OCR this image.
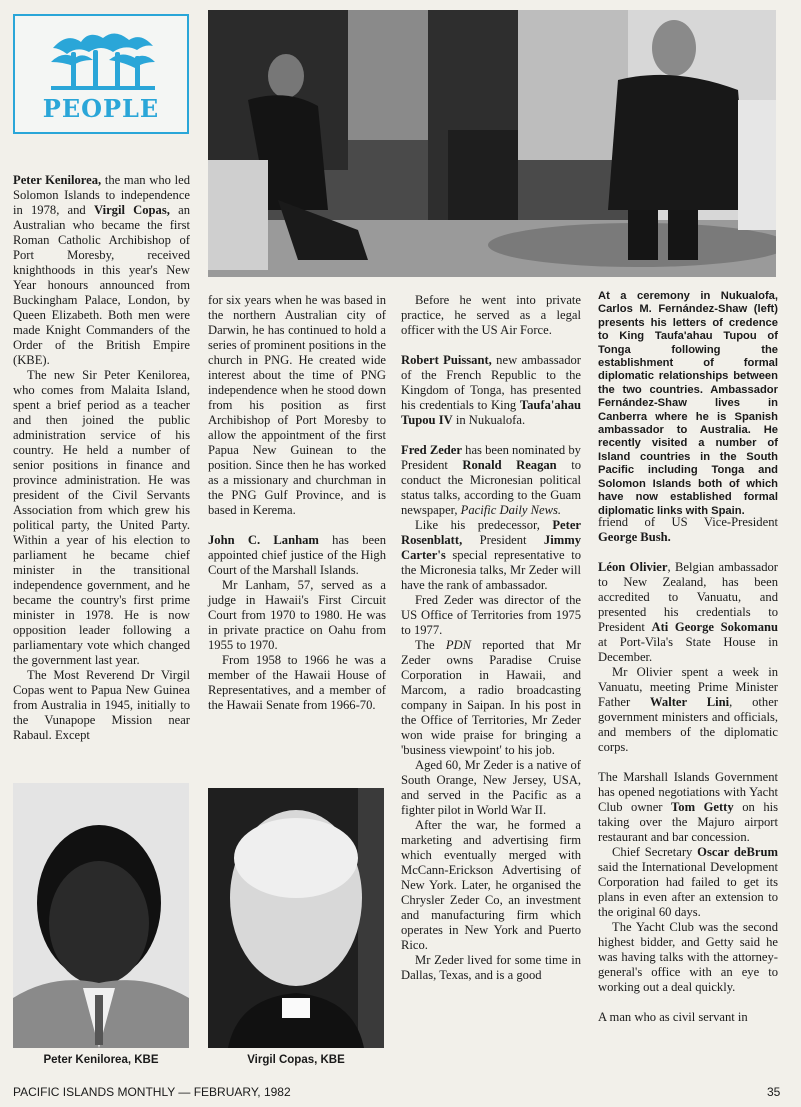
PEOPLE

Peter Kenilorea, the man who led Solomon Islands to independence in 1978, and Virgil Copas, an Australian who became the first Roman Catholic Archibishop of Port Moresby, received knighthoods in this year's New Year honours announced from Buckingham Palace, London, by Queen Elizabeth. Both men were made Knight Commanders of the Order of the British Empire (KBE).

The new Sir Peter Kenilorea, who comes from Malaita Island, spent a brief period as a teacher and then joined the public administration service of his country. He held a number of senior positions in finance and province administration. He was president of the Civil Servants Association from which grew his political party, the United Party. Within a year of his election to parliament he became chief minister in the transitional independence government, and he became the country's first prime minister in 1978. He is now opposition leader following a parliamentary vote which changed the government last year.

The Most Reverend Dr Virgil Copas went to Papua New Guinea from Australia in 1945, initially to the Vunapope Mission near Rabaul. Except

for six years when he was based in the northern Australian city of Darwin, he has continued to hold a series of prominent positions in the church in PNG. He created wide interest about the time of PNG independence when he stood down from his position as first Archibishop of Port Moresby to allow the appointment of the first Papua New Guinean to the position. Since then he has worked as a missionary and churchman in the PNG Gulf Province, and is based in Kerema.

John C. Lanham has been appointed chief justice of the High Court of the Marshall Islands.

Mr Lanham, 57, served as a judge in Hawaii's First Circuit Court from 1970 to 1980. He was in private practice on Oahu from 1955 to 1970.

From 1958 to 1966 he was a member of the Hawaii House of Representatives, and a member of the Hawaii Senate from 1966-70.

Before he went into private practice, he served as a legal officer with the US Air Force.

Robert Puissant, new ambassador of the French Republic to the Kingdom of Tonga, has presented his credentials to King Taufa'ahau Tupou IV in Nukualofa.

Fred Zeder has been nominated by President Ronald Reagan to conduct the Micronesian political status talks, according to the Guam newspaper, Pacific Daily News.

Like his predecessor, Peter Rosenblatt, President Jimmy Carter's special representative to the Micronesia talks, Mr Zeder will have the rank of ambassador.

Fred Zeder was director of the US Office of Territories from 1975 to 1977.

The PDN reported that Mr Zeder owns Paradise Cruise Corporation in Hawaii, and Marcom, a radio broadcasting company in Saipan. In his post in the Office of Territories, Mr Zeder won wide praise for bringing a 'business viewpoint' to his job.

Aged 60, Mr Zeder is a native of South Orange, New Jersey, USA, and served in the Pacific as a fighter pilot in World War II.

After the war, he formed a marketing and advertising firm which eventually merged with McCann-Erickson Advertising of New York. Later, he organised the Chrysler Zeder Co, an investment and manufacturing firm which operates in New York and Puerto Rico.

Mr Zeder lived for some time in Dallas, Texas, and is a good

At a ceremony in Nukualofa, Carlos M. Fernández-Shaw (left) presents his letters of credence to King Taufa'ahau Tupou of Tonga following the establishment of formal diplomatic relationships between the two countries. Ambassador Fernández-Shaw lives in Canberra where he is Spanish ambassador to Australia. He recently visited a number of Island countries in the South Pacific including Tonga and Solomon Islands both of which have now established formal diplomatic links with Spain.

friend of US Vice-President George Bush.

Léon Olivier, Belgian ambassador to New Zealand, has been accredited to Vanuatu, and presented his credentials to President Ati George Sokomanu at Port-Vila's State House in December.

Mr Olivier spent a week in Vanuatu, meeting Prime Minister Father Walter Lini, other government ministers and officials, and members of the diplomatic corps.

The Marshall Islands Government has opened negotiations with Yacht Club owner Tom Getty on his taking over the Majuro airport restaurant and bar concession.

Chief Secretary Oscar deBrum said the International Development Corporation had failed to get its plans in even after an extension to the original 60 days.

The Yacht Club was the second highest bidder, and Getty said he was having talks with the attorney-general's office with an eye to working out a deal quickly.

A man who as civil servant in

Peter Kenilorea, KBE	Virgil Copas, KBE
PACIFIC ISLANDS MONTHLY — FEBRUARY, 1982	35
